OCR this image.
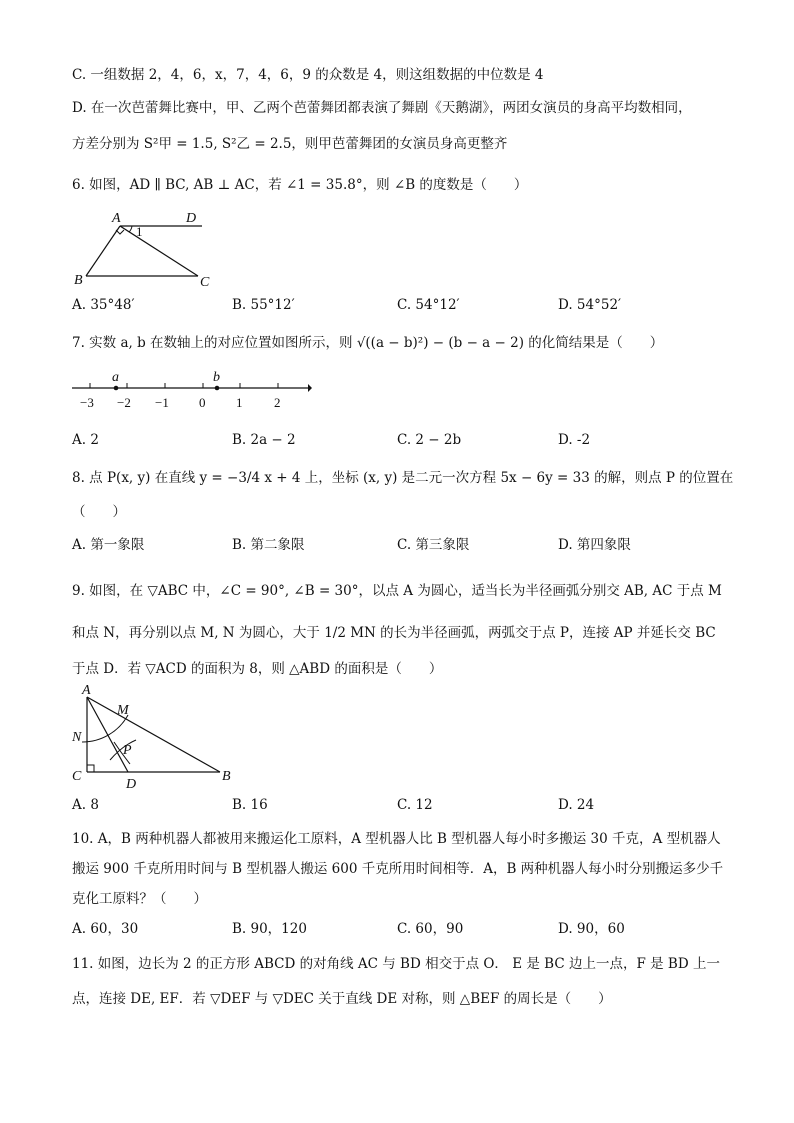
C. 一组数据 2，4，6，x，7，4，6，9 的众数是 4，则这组数据的中位数是 4
D. 在一次芭蕾舞比赛中，甲、乙两个芭蕾舞团都表演了舞剧《天鹅湖》，两团女演员的身高平均数相同，
方差分别为 S²甲 = 1.5, S²乙 = 2.5，则甲芭蕾舞团的女演员身高更整齐
6. 如图，AD ∥ BC, AB ⊥ AC，若 ∠1 = 35.8°，则 ∠B 的度数是（　　）
A	D
1
B	C
A. 35°48′	B. 55°12′	C. 54°12′	D. 54°52′
7. 实数 a, b 在数轴上的对应位置如图所示，则 √((a − b)²) − (b − a − 2) 的化简结果是（　　）
a	b
−3 −2 −1 0 1 2
A. 2	B. 2a − 2	C. 2 − 2b	D. -2
8. 点 P(x, y) 在直线 y = −3/4 x + 4 上，坐标 (x, y) 是二元一次方程 5x − 6y = 33 的解，则点 P 的位置在
（　　）
A. 第一象限	B. 第二象限	C. 第三象限	D. 第四象限
9. 如图，在 ▽ABC 中，∠C = 90°, ∠B = 30°，以点 A 为圆心，适当长为半径画弧分别交 AB, AC 于点 M
和点 N，再分别以点 M, N 为圆心，大于 1/2 MN 的长为半径画弧，两弧交于点 P，连接 AP 并延长交 BC
于点 D．若 ▽ACD 的面积为 8，则 △ABD 的面积是（　　）
A
M
N
P
C
D
B
A. 8	B. 16	C. 12	D. 24
10. A，B 两种机器人都被用来搬运化工原料，A 型机器人比 B 型机器人每小时多搬运 30 千克，A 型机器人
搬运 900 千克所用时间与 B 型机器人搬运 600 千克所用时间相等．A，B 两种机器人每小时分别搬运多少千
克化工原料？（　　）
A. 60，30	B. 90，120	C. 60，90	D. 90，60
11. 如图，边长为 2 的正方形 ABCD 的对角线 AC 与 BD 相交于点 O． E 是 BC 边上一点，F 是 BD 上一
点，连接 DE, EF．若 ▽DEF 与 ▽DEC 关于直线 DE 对称，则 △BEF 的周长是（　　）
